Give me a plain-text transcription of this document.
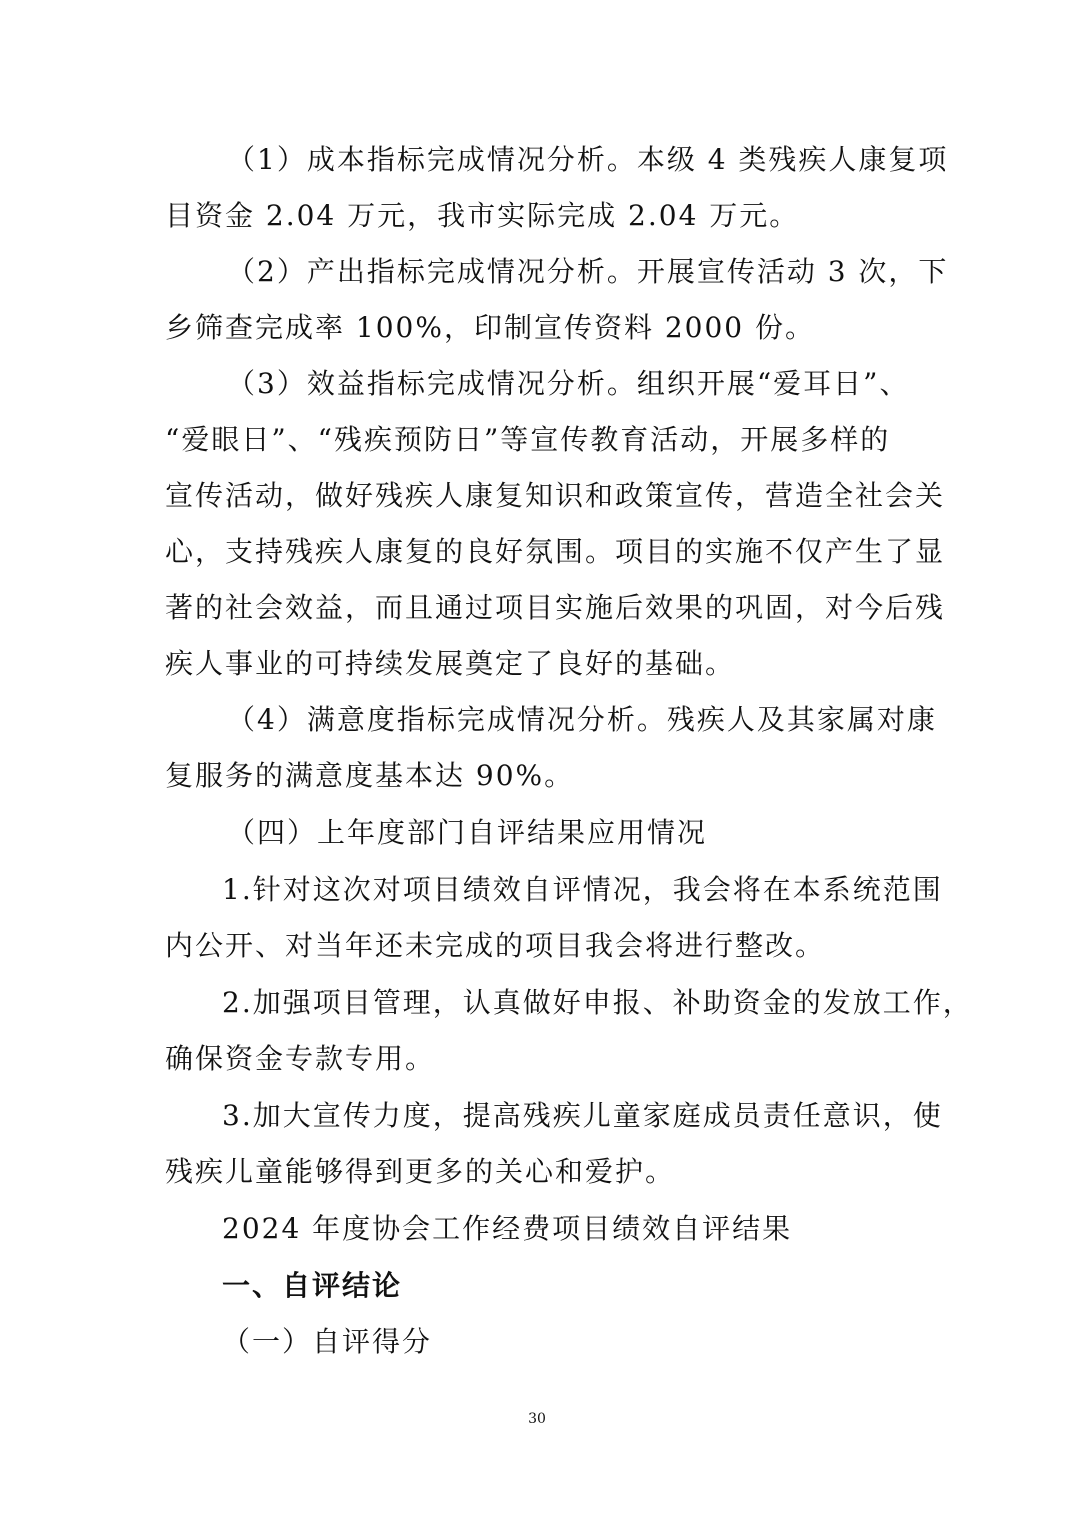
（1）成本指标完成情况分析。本级 4 类残疾人康复项
目资金 2.04 万元，我市实际完成 2.04 万元。
（2）产出指标完成情况分析。开展宣传活动 3 次，下
乡筛查完成率 100%，印制宣传资料 2000 份。
（3）效益指标完成情况分析。组织开展“爱耳日”、
“爱眼日”、“残疾预防日”等宣传教育活动，开展多样的
宣传活动，做好残疾人康复知识和政策宣传，营造全社会关
心，支持残疾人康复的良好氛围。项目的实施不仅产生了显
著的社会效益，而且通过项目实施后效果的巩固，对今后残
疾人事业的可持续发展奠定了良好的基础。
（4）满意度指标完成情况分析。残疾人及其家属对康
复服务的满意度基本达 90%。
（四）上年度部门自评结果应用情况
1.针对这次对项目绩效自评情况，我会将在本系统范围
内公开、对当年还未完成的项目我会将进行整改。
2.加强项目管理，认真做好申报、补助资金的发放工作，
确保资金专款专用。
3.加大宣传力度，提高残疾儿童家庭成员责任意识，使
残疾儿童能够得到更多的关心和爱护。
2024 年度协会工作经费项目绩效自评结果
一、自评结论
（一）自评得分
30
